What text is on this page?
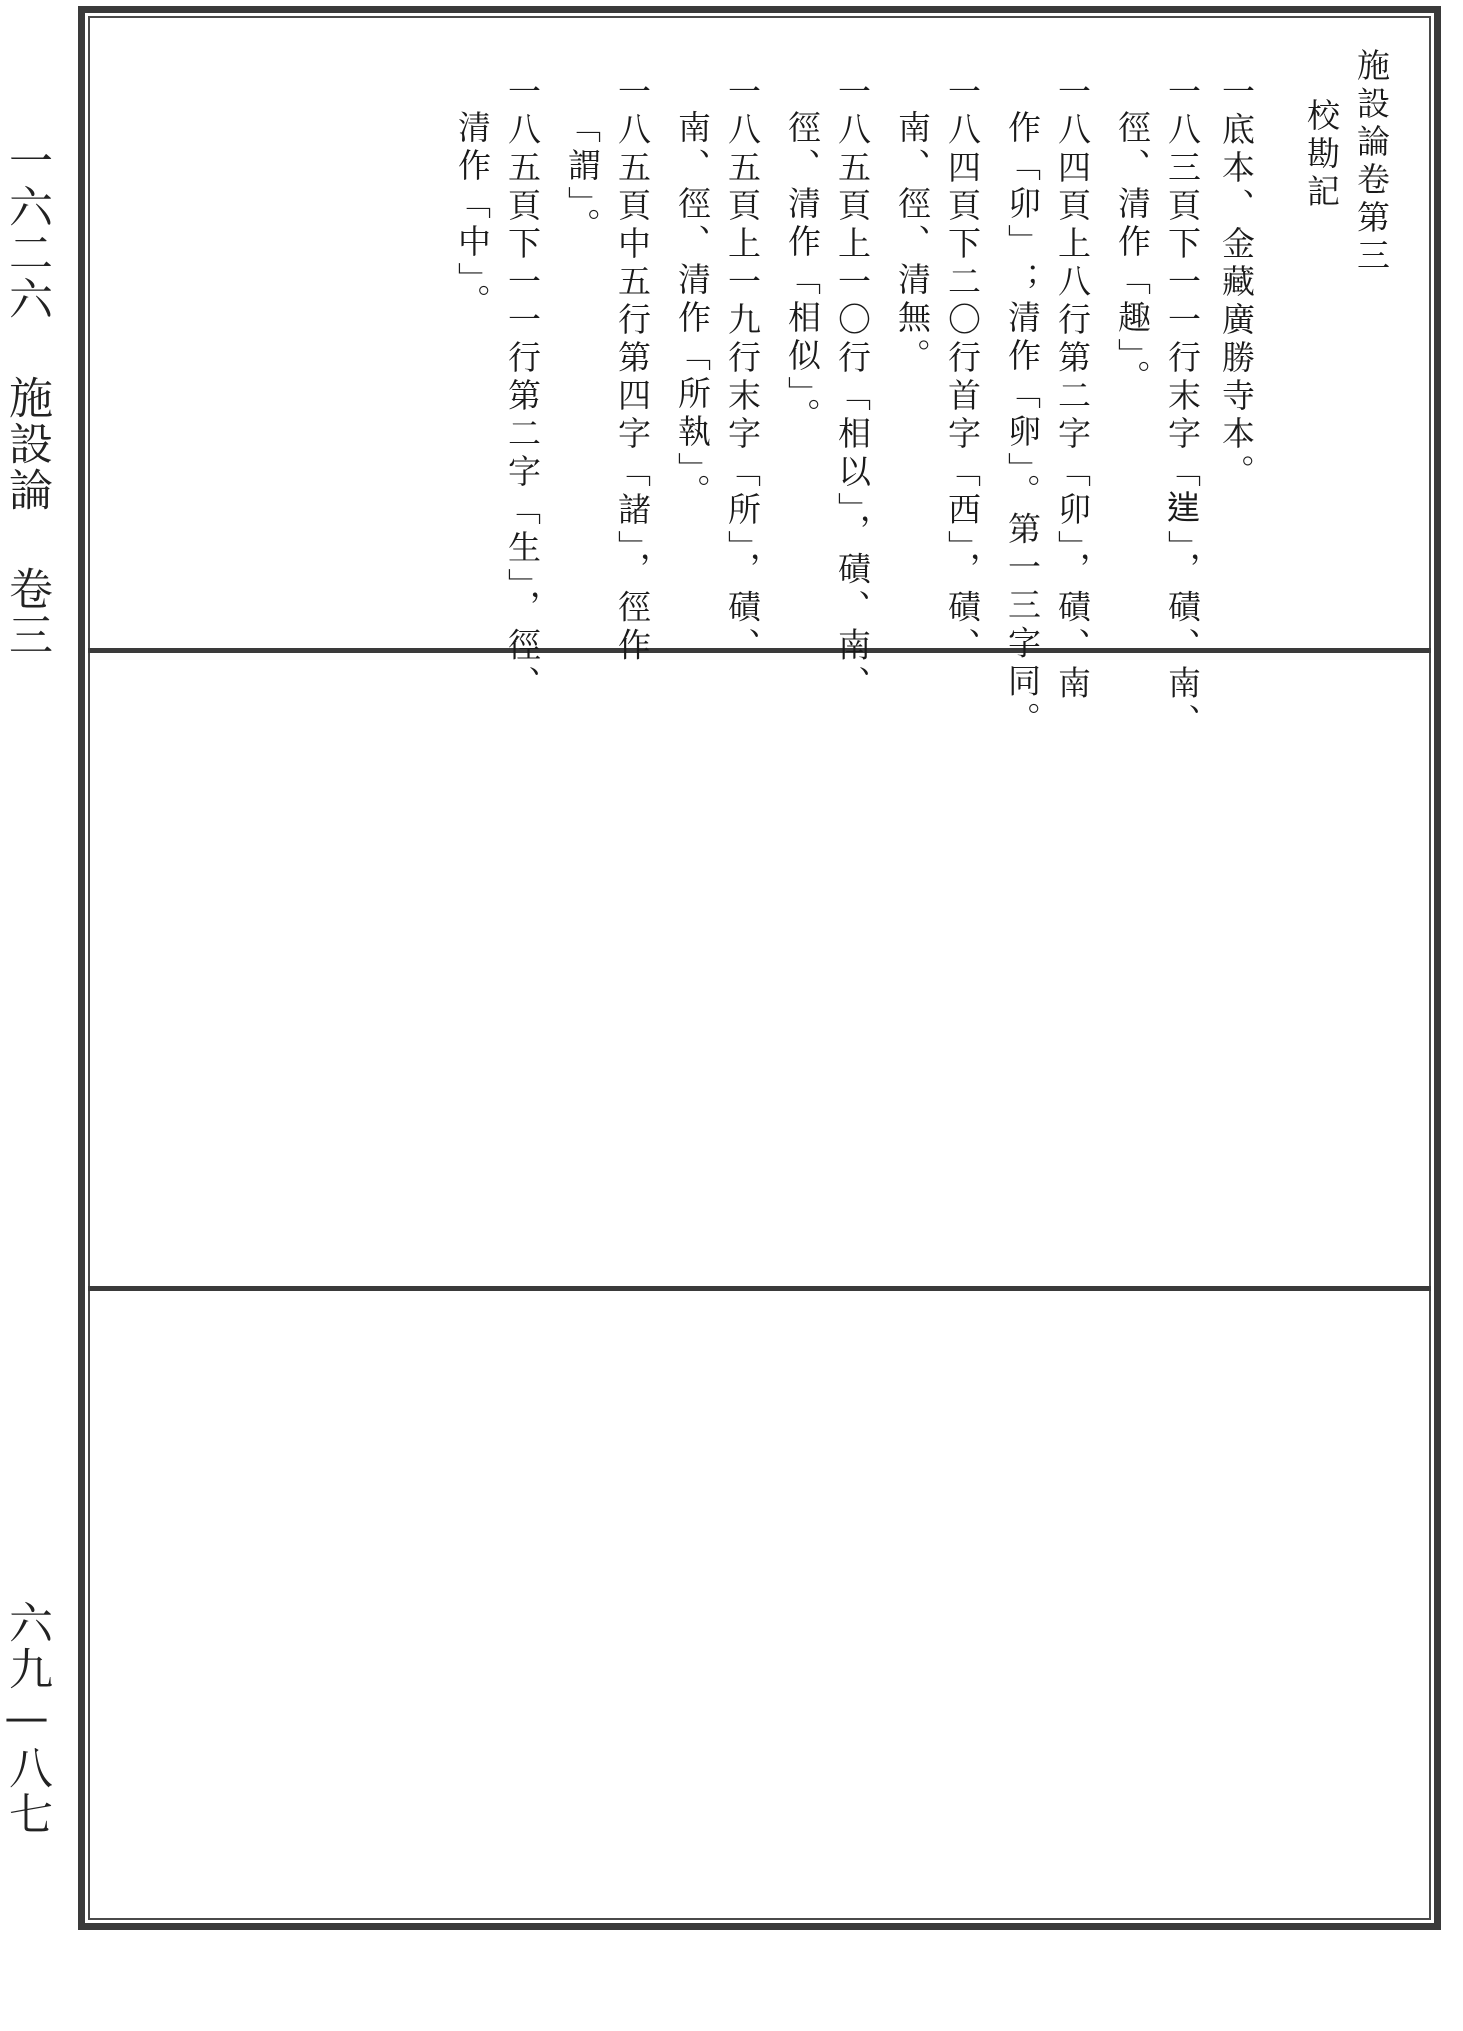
一六二六 施設論 卷三
六九—八七
施設論卷第三
校勘記
一底本、金藏廣勝寺本。
一八三頁下一一行末字「𨓏」，磧、南、
徑、清作「趣」。
一八四頁上八行第二字「卯」，磧、南
作「卯」；清作「卵」。第一三字同。
一八四頁下二〇行首字「西」，磧、
南、徑、清無。
一八五頁上一〇行「相以」，磧、南、
徑、清作「相似」。
一八五頁上一九行末字「所」，磧、
南、徑、清作「所執」。
一八五頁中五行第四字「諸」，徑作
「謂」。
一八五頁下一一行第二字「生」，徑、
清作「中」。
